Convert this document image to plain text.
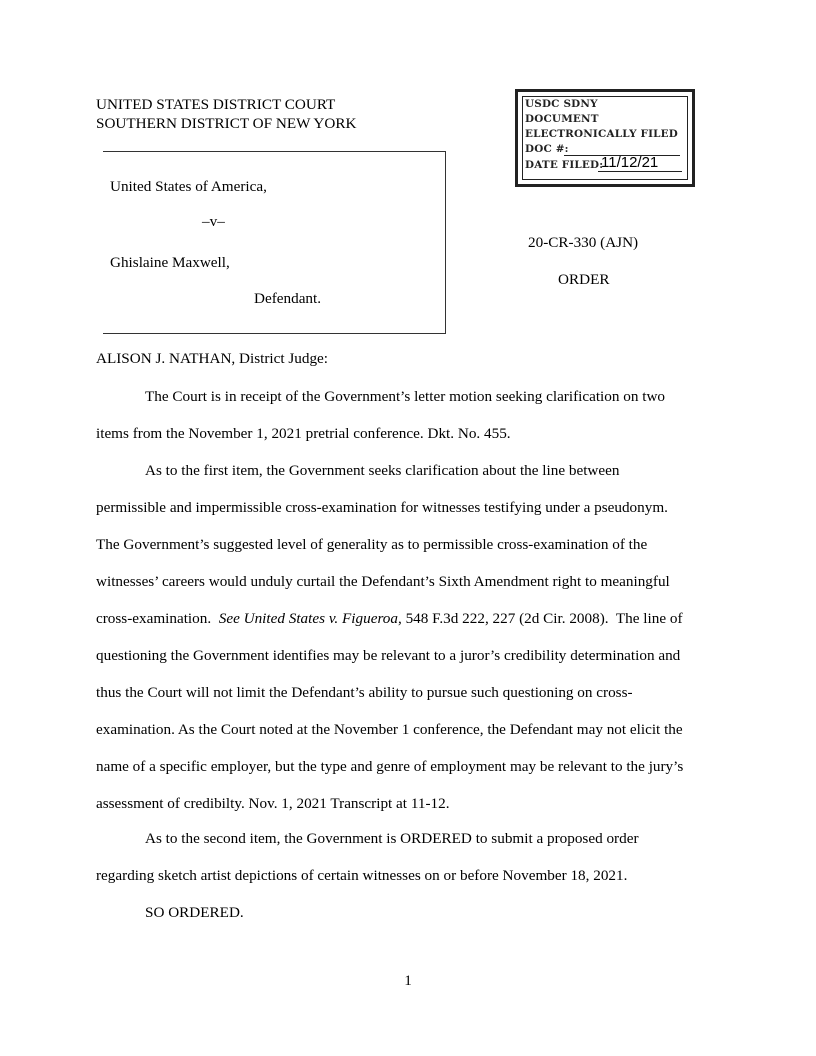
UNITED STATES DISTRICT COURT
SOUTHERN DISTRICT OF NEW YORK
USDC SDNY
DOCUMENT
ELECTRONICALLY FILED
DOC #:
DATE FILED:
11/12/21
United States of America,
–v–
Ghislaine Maxwell,
Defendant.
20-CR-330 (AJN)
ORDER
ALISON J. NATHAN, District Judge:
The Court is in receipt of the Government’s letter motion seeking clarification on two
items from the November 1, 2021 pretrial conference. Dkt. No. 455.
As to the first item, the Government seeks clarification about the line between
permissible and impermissible cross-examination for witnesses testifying under a pseudonym.
The Government’s suggested level of generality as to permissible cross-examination of the
witnesses’ careers would unduly curtail the Defendant’s Sixth Amendment right to meaningful
cross-examination.  See United States v. Figueroa, 548 F.3d 222, 227 (2d Cir. 2008).  The line of
questioning the Government identifies may be relevant to a juror’s credibility determination and
thus the Court will not limit the Defendant’s ability to pursue such questioning on cross-
examination. As the Court noted at the November 1 conference, the Defendant may not elicit the
name of a specific employer, but the type and genre of employment may be relevant to the jury’s
assessment of credibilty. Nov. 1, 2021 Transcript at 11-12.
As to the second item, the Government is ORDERED to submit a proposed order
regarding sketch artist depictions of certain witnesses on or before November 18, 2021.
SO ORDERED.
1
